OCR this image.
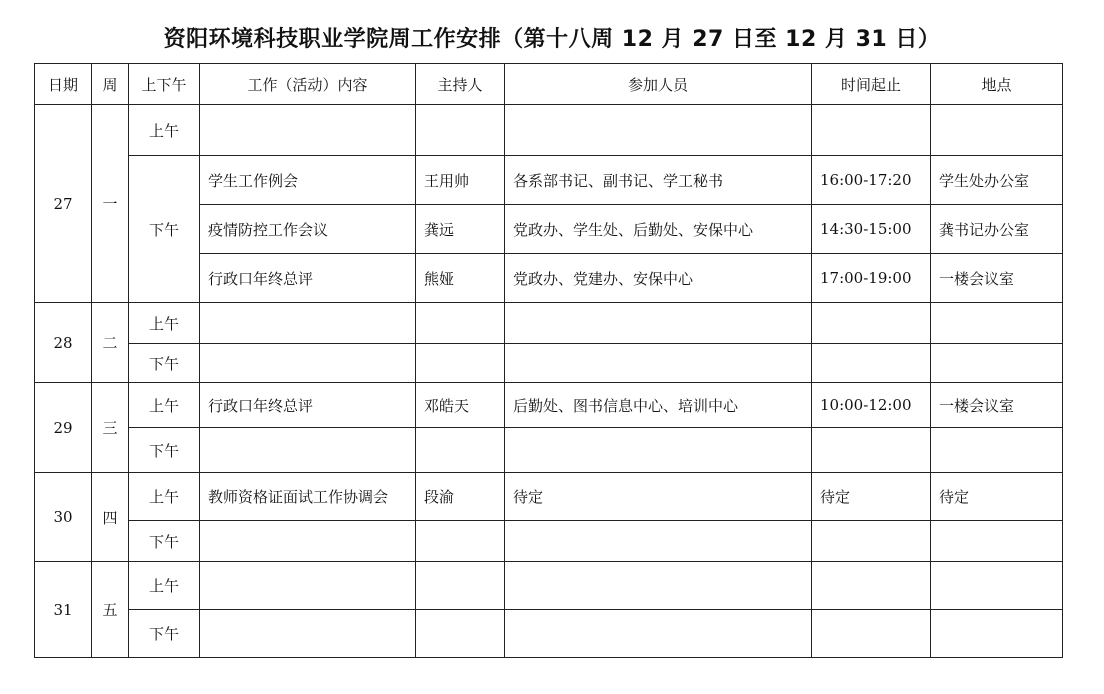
资阳环境科技职业学院周工作安排（第十八周 12 月 27 日至 12 月 31 日）
日期	周	上下午	工作（活动）内容	主持人	参加人员	时间起止	地点
27	一	上午					
		下午	学生工作例会	王用帅	各系部书记、副书记、学工秘书	16:00-17:20	学生处办公室
			疫情防控工作会议	龚远	党政办、学生处、后勤处、安保中心	14:30-15:00	龚书记办公室
			行政口年终总评	熊娅	党政办、党建办、安保中心	17:00-19:00	一楼会议室
28	二	上午					
		下午					
29	三	上午	行政口年终总评	邓皓天	后勤处、图书信息中心、培训中心	10:00-12:00	一楼会议室
		下午					
30	四	上午	教师资格证面试工作协调会	段渝	待定	待定	待定
		下午					
31	五	上午					
		下午					
